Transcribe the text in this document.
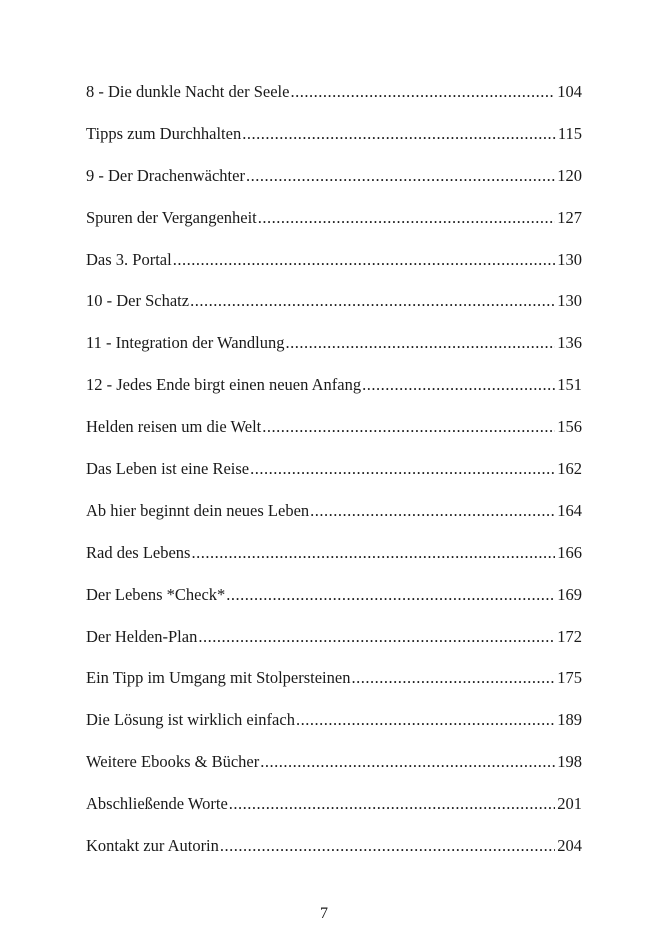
8 - Die dunkle Nacht der Seele .....	104
Tipps zum Durchhalten .....	115
9 - Der Drachenwächter .....	120
Spuren der Vergangenheit .....	127
Das 3. Portal .....	130
10 - Der Schatz .....	130
11 - Integration der Wandlung .....	136
12 - Jedes Ende birgt einen neuen Anfang .....	151
Helden reisen um die Welt .....	156
Das Leben ist eine Reise .....	162
Ab hier beginnt dein neues Leben .....	164
Rad des Lebens .....	166
Der Lebens *Check* .....	169
Der Helden-Plan .....	172
Ein Tipp im Umgang mit Stolpersteinen .....	175
Die Lösung ist wirklich einfach .....	189
Weitere Ebooks & Bücher .....	198
Abschließende Worte .....	201
Kontakt zur Autorin .....	204
7
